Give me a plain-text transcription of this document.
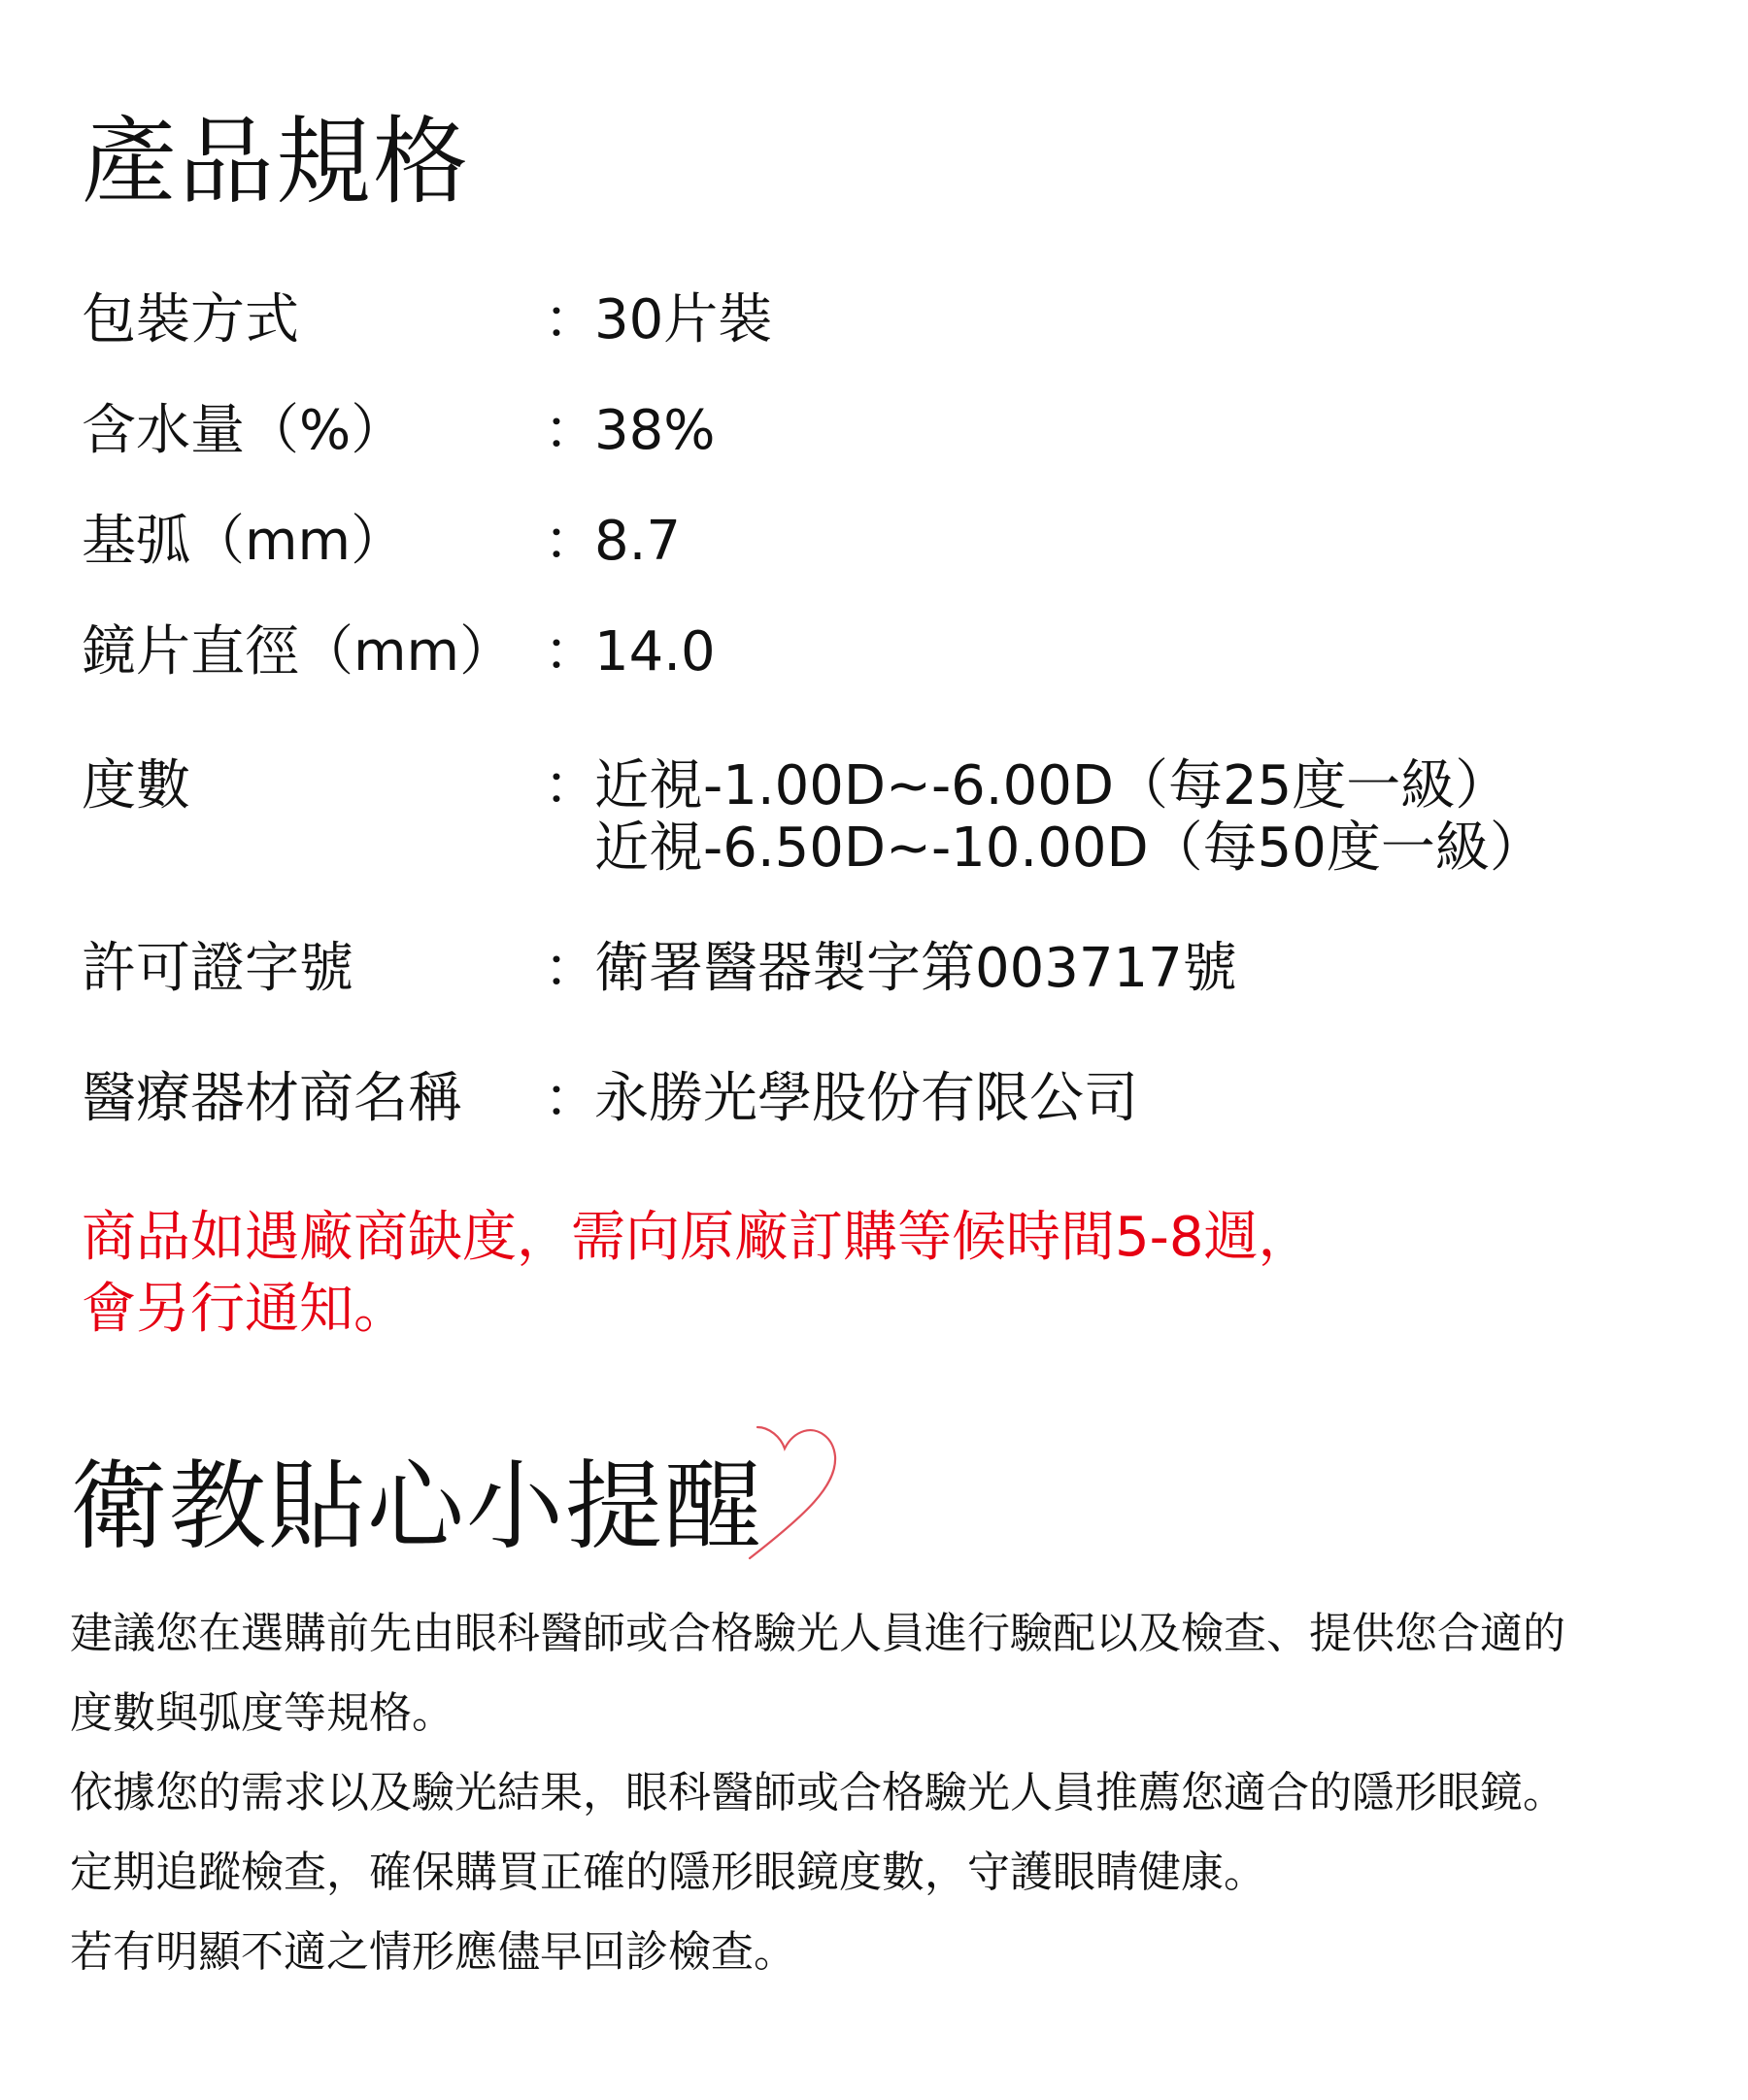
產品規格
包裝方式	：
30片裝
含水量（%）	：
38%
基弧（mm）	：
8.7
鏡片直徑（mm） ：
14.0
度數	：
近視-1.00D~-6.00D（每25度一級）
近視-6.50D~-10.00D（每50度一級）
許可證字號	：
衛署醫器製字第003717號
醫療器材商名稱 ：
永勝光學股份有限公司
商品如遇廠商缺度，需向原廠訂購等候時間5-8週，
會另行通知。
衛教貼心小提醒

建議您在選購前先由眼科醫師或合格驗光人員進行驗配以及檢查、提供您合適的

度數與弧度等規格。

依據您的需求以及驗光結果，眼科醫師或合格驗光人員推薦您適合的隱形眼鏡。

定期追蹤檢查，確保購買正確的隱形眼鏡度數，守護眼睛健康。

若有明顯不適之情形應儘早回診檢查。
